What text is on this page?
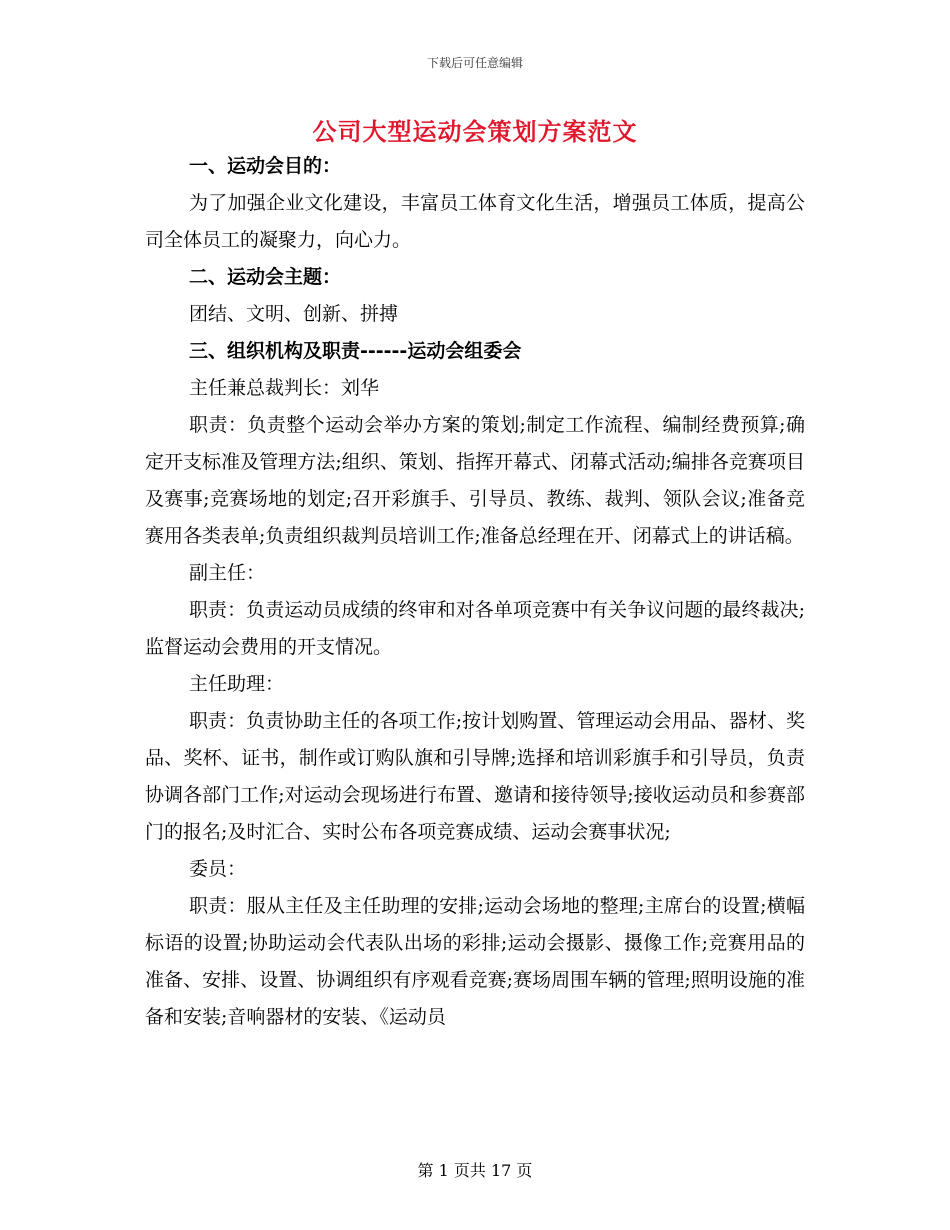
下载后可任意编辑
公司大型运动会策划方案范文

一、运动会目的：

为了加强企业文化建设，丰富员工体育文化生活，增强员工体质，提高公司全体员工的凝聚力，向心力。

二、运动会主题：

团结、文明、创新、拼搏

三、组织机构及职责------运动会组委会

主任兼总裁判长：刘华

职责：负责整个运动会举办方案的策划;制定工作流程、编制经费预算;确定开支标准及管理方法;组织、策划、指挥开幕式、闭幕式活动;编排各竞赛项目及赛事;竞赛场地的划定;召开彩旗手、引导员、教练、裁判、领队会议;准备竞赛用各类表单;负责组织裁判员培训工作;准备总经理在开、闭幕式上的讲话稿。

副主任：

职责：负责运动员成绩的终审和对各单项竞赛中有关争议问题的最终裁决;监督运动会费用的开支情况。

主任助理：

职责：负责协助主任的各项工作;按计划购置、管理运动会用品、器材、奖品、奖杯、证书，制作或订购队旗和引导牌;选择和培训彩旗手和引导员，负责协调各部门工作;对运动会现场进行布置、邀请和接待领导;接收运动员和参赛部门的报名;及时汇合、实时公布各项竞赛成绩、运动会赛事状况;

委员：

职责：服从主任及主任助理的安排;运动会场地的整理;主席台的设置;横幅标语的设置;协助运动会代表队出场的彩排;运动会摄影、摄像工作;竞赛用品的准备、安排、设置、协调组织有序观看竞赛;赛场周围车辆的管理;照明设施的准备和安装;音响器材的安装、《运动员

第 1 页共 17 页
